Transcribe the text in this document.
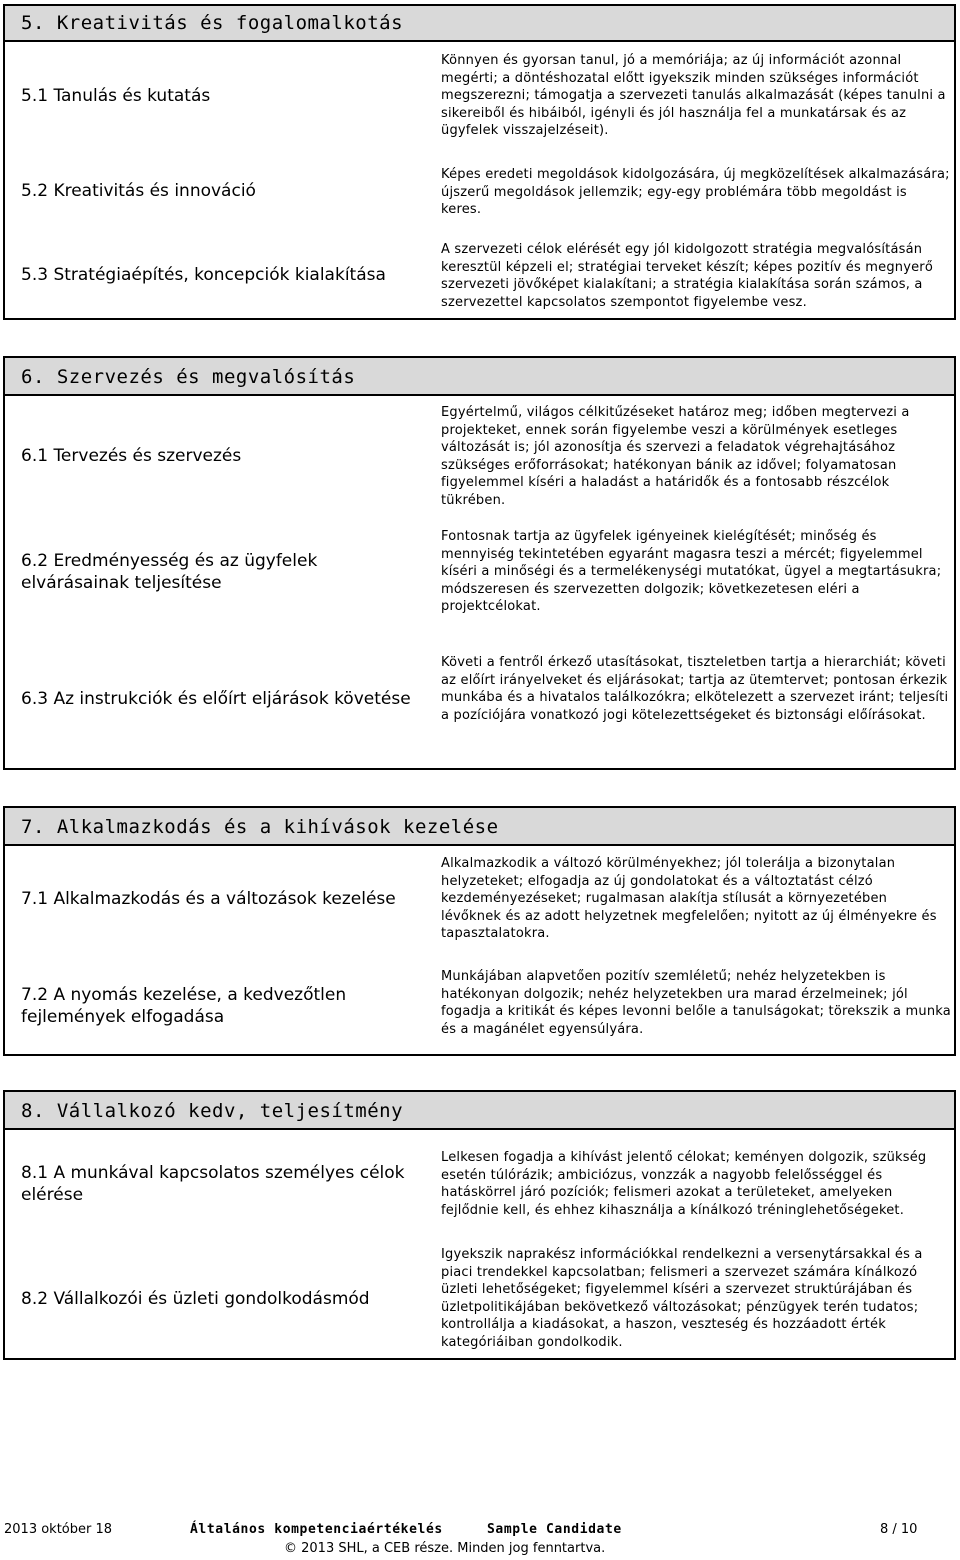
5. Kreativitás és fogalomalkotás
5.1 Tanulás és kutatás
Könnyen és gyorsan tanul, jó a memóriája; az új információt azonnal megérti; a döntéshozatal előtt igyekszik minden szükséges információt megszerezni; támogatja a szervezeti tanulás alkalmazását (képes tanulni a sikereiből és hibáiból, igényli és jól használja fel a munkatársak és az ügyfelek visszajelzéseit).
5.2 Kreativitás és innováció
Képes eredeti megoldások kidolgozására, új megközelítések alkalmazására; újszerű megoldások jellemzik; egy-egy problémára több megoldást is keres.
5.3 Stratégiaépítés, koncepciók kialakítása
A szervezeti célok elérését egy jól kidolgozott stratégia megvalósításán keresztül képzeli el; stratégiai terveket készít; képes pozitív és megnyerő szervezeti jövőképet kialakítani; a stratégia kialakítása során számos, a szervezettel kapcsolatos szempontot figyelembe vesz.
6. Szervezés és megvalósítás
6.1 Tervezés és szervezés
Egyértelmű, világos célkitűzéseket határoz meg; időben megtervezi a projekteket, ennek során figyelembe veszi a körülmények esetleges változását is; jól azonosítja és szervezi a feladatok végrehajtásához szükséges erőforrásokat; hatékonyan bánik az idővel; folyamatosan figyelemmel kíséri a haladást a határidők és a fontosabb részcélok tükrében.
6.2 Eredményesség és az ügyfelek elvárásainak teljesítése
Fontosnak tartja az ügyfelek igényeinek kielégítését; minőség és mennyiség tekintetében egyaránt magasra teszi a mércét; figyelemmel kíséri a minőségi és a termelékenységi mutatókat, ügyel a megtartásukra; módszeresen és szervezetten dolgozik; következetesen eléri a projektcélokat.
6.3 Az instrukciók és előírt eljárások követése
Követi a fentről érkező utasításokat, tiszteletben tartja a hierarchiát; követi az előírt irányelveket és eljárásokat; tartja az ütemtervet; pontosan érkezik munkába és a hivatalos találkozókra; elkötelezett a szervezet iránt; teljesíti a pozíciójára vonatkozó jogi kötelezettségeket és biztonsági előírásokat.
7. Alkalmazkodás és a kihívások kezelése
7.1 Alkalmazkodás és a változások kezelése
Alkalmazkodik a változó körülményekhez; jól tolerálja a bizonytalan helyzeteket; elfogadja az új gondolatokat és a változtatást célzó kezdeményezéseket; rugalmasan alakítja stílusát a környezetében lévőknek és az adott helyzetnek megfelelően; nyitott az új élményekre és tapasztalatokra.
7.2 A nyomás kezelése, a kedvezőtlen fejlemények elfogadása
Munkájában alapvetően pozitív szemléletű; nehéz helyzetekben is hatékonyan dolgozik; nehéz helyzetekben ura marad érzelmeinek; jól fogadja a kritikát és képes levonni belőle a tanulságokat; törekszik a munka és a magánélet egyensúlyára.
8. Vállalkozó kedv, teljesítmény
8.1 A munkával kapcsolatos személyes célok elérése
Lelkesen fogadja a kihívást jelentő célokat; keményen dolgozik, szükség esetén túlórázik; ambiciózus, vonzzák a nagyobb felelősséggel és hatáskörrel járó pozíciók; felismeri azokat a területeket, amelyeken fejlődnie kell, és ehhez kihasználja a kínálkozó tréninglehetőségeket.
8.2 Vállalkozói és üzleti gondolkodásmód
Igyekszik naprakész információkkal rendelkezni a versenytársakkal és a piaci trendekkel kapcsolatban; felismeri a szervezet számára kínálkozó üzleti lehetőségeket; figyelemmel kíséri a szervezet struktúrájában és üzletpolitikájában bekövetkező változásokat; pénzügyek terén tudatos; kontrollálja a kiadásokat, a haszon, veszteség és hozzáadott érték kategóriáiban gondolkodik.
2013 október 18	Általános kompetenciaértékelés	Sample Candidate	8 / 10
© 2013 SHL, a CEB része. Minden jog fenntartva.
